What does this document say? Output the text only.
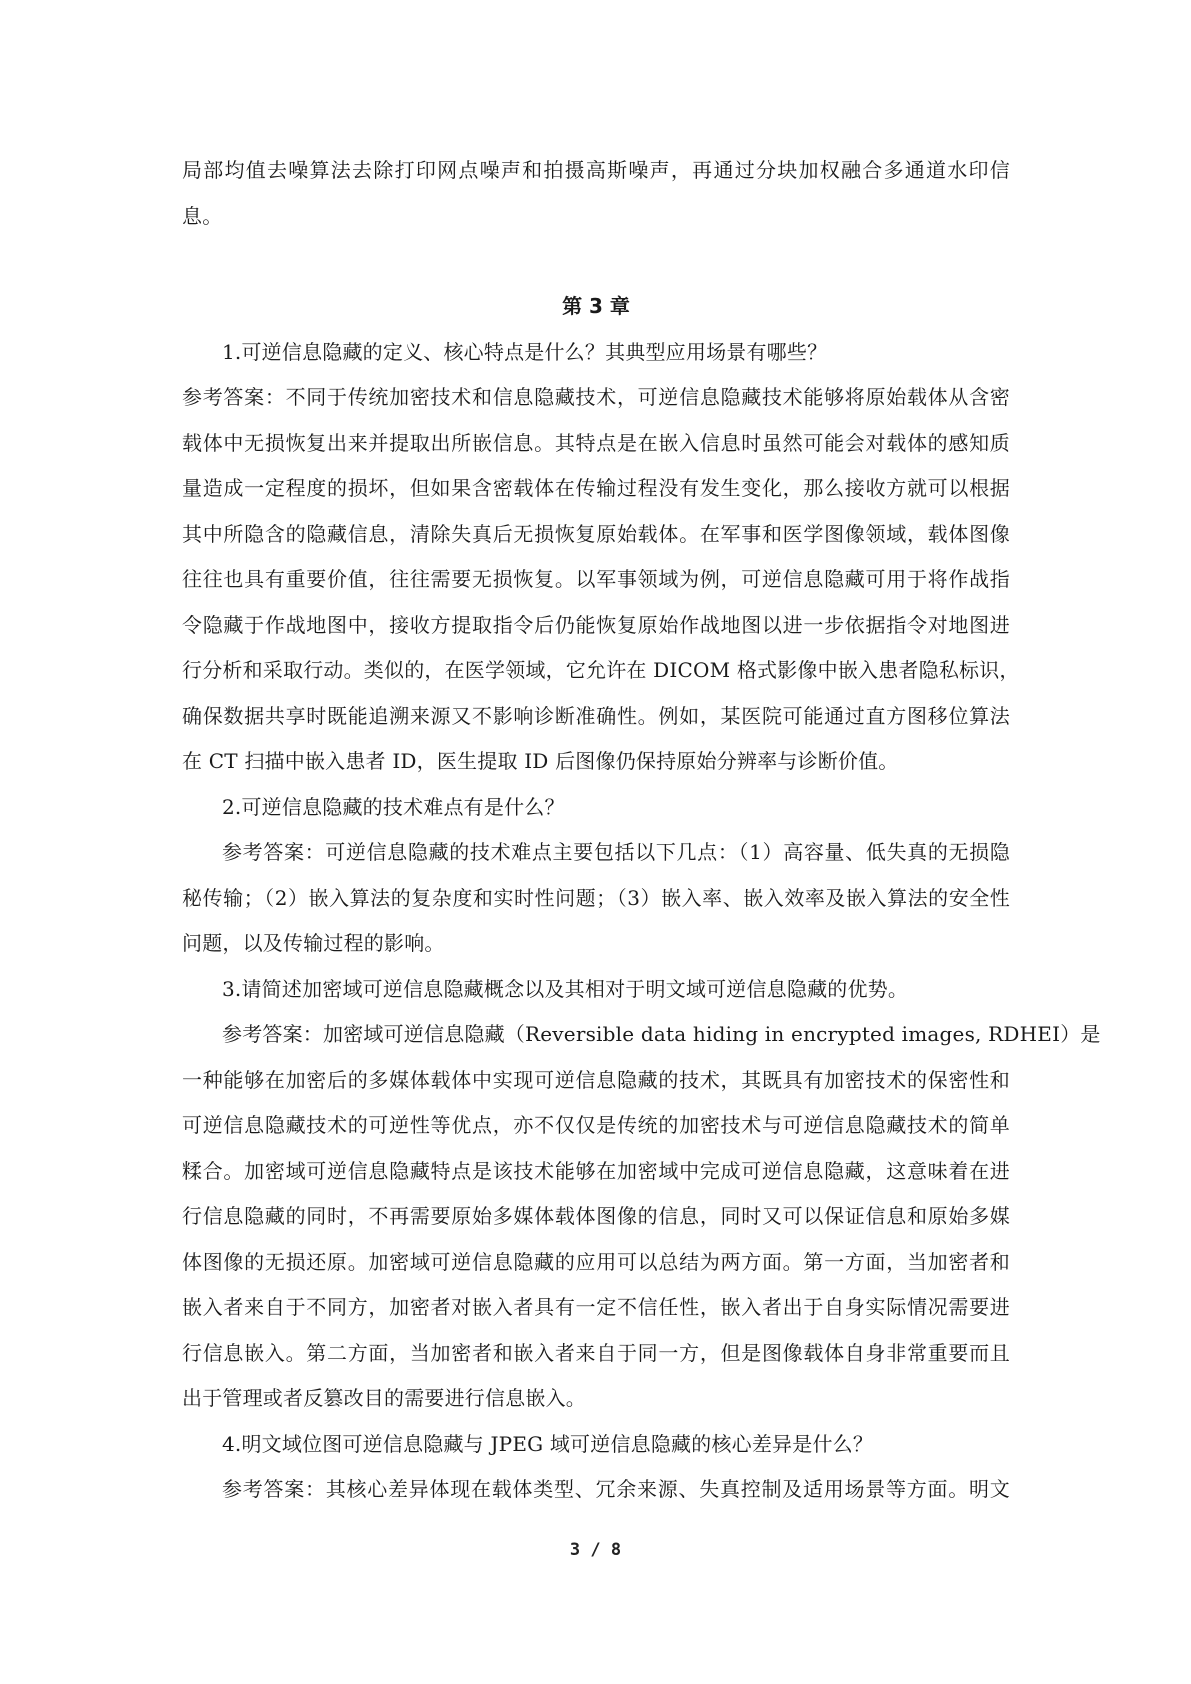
局部均值去噪算法去除打印网点噪声和拍摄高斯噪声，再通过分块加权融合多通道水印信
息。
第 3 章
1.可逆信息隐藏的定义、核心特点是什么？其典型应用场景有哪些？
参考答案：不同于传统加密技术和信息隐藏技术，可逆信息隐藏技术能够将原始载体从含密
载体中无损恢复出来并提取出所嵌信息。其特点是在嵌入信息时虽然可能会对载体的感知质
量造成一定程度的损坏，但如果含密载体在传输过程没有发生变化，那么接收方就可以根据
其中所隐含的隐藏信息，清除失真后无损恢复原始载体。在军事和医学图像领域，载体图像
往往也具有重要价值，往往需要无损恢复。以军事领域为例，可逆信息隐藏可用于将作战指
令隐藏于作战地图中，接收方提取指令后仍能恢复原始作战地图以进一步依据指令对地图进
行分析和采取行动。类似的，在医学领域，它允许在 DICOM 格式影像中嵌入患者隐私标识，
确保数据共享时既能追溯来源又不影响诊断准确性。例如，某医院可能通过直方图移位算法
在 CT 扫描中嵌入患者 ID，医生提取 ID 后图像仍保持原始分辨率与诊断价值。
2.可逆信息隐藏的技术难点有是什么？
参考答案：可逆信息隐藏的技术难点主要包括以下几点：（1）高容量、低失真的无损隐
秘传输；（2）嵌入算法的复杂度和实时性问题；（3）嵌入率、嵌入效率及嵌入算法的安全性
问题，以及传输过程的影响。
3.请简述加密域可逆信息隐藏概念以及其相对于明文域可逆信息隐藏的优势。
参考答案：加密域可逆信息隐藏（Reversible data hiding in encrypted images, RDHEI）是
一种能够在加密后的多媒体载体中实现可逆信息隐藏的技术，其既具有加密技术的保密性和
可逆信息隐藏技术的可逆性等优点，亦不仅仅是传统的加密技术与可逆信息隐藏技术的简单
糅合。加密域可逆信息隐藏特点是该技术能够在加密域中完成可逆信息隐藏，这意味着在进
行信息隐藏的同时，不再需要原始多媒体载体图像的信息，同时又可以保证信息和原始多媒
体图像的无损还原。加密域可逆信息隐藏的应用可以总结为两方面。第一方面，当加密者和
嵌入者来自于不同方，加密者对嵌入者具有一定不信任性，嵌入者出于自身实际情况需要进
行信息嵌入。第二方面，当加密者和嵌入者来自于同一方，但是图像载体自身非常重要而且
出于管理或者反篡改目的需要进行信息嵌入。
4.明文域位图可逆信息隐藏与 JPEG 域可逆信息隐藏的核心差异是什么？
参考答案：其核心差异体现在载体类型、冗余来源、失真控制及适用场景等方面。明文
3 / 8
